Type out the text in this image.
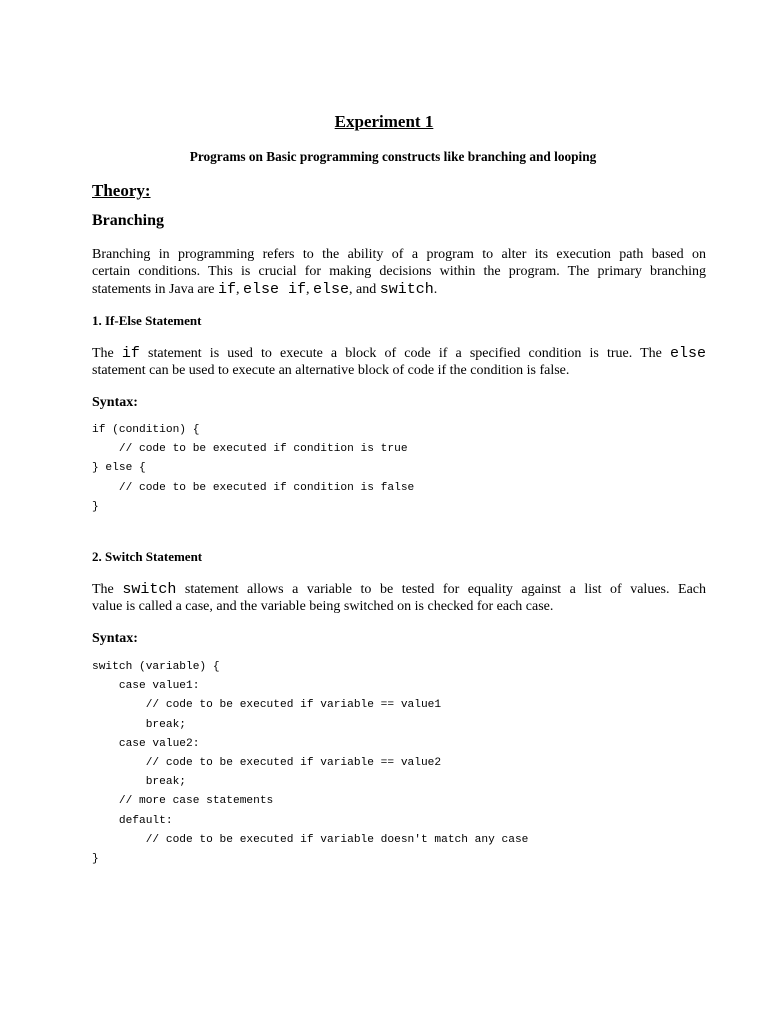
Experiment 1
Programs on Basic programming constructs like branching and looping
Theory:
Branching
Branching in programming refers to the ability of a program to alter its execution path based on
certain conditions. This is crucial for making decisions within the program. The primary branching
statements in Java are if, else if, else, and switch.
1. If-Else Statement
The if statement is used to execute a block of code if a specified condition is true. The else
statement can be used to execute an alternative block of code if the condition is false.
Syntax:
if (condition) {
// code to be executed if condition is true
} else {
// code to be executed if condition is false
}
2. Switch Statement
The switch statement allows a variable to be tested for equality against a list of values. Each
value is called a case, and the variable being switched on is checked for each case.
Syntax:
switch (variable) {
case value1:
// code to be executed if variable == value1
break;
case value2:
// code to be executed if variable == value2
break;
// more case statements
default:
// code to be executed if variable doesn't match any case
}
